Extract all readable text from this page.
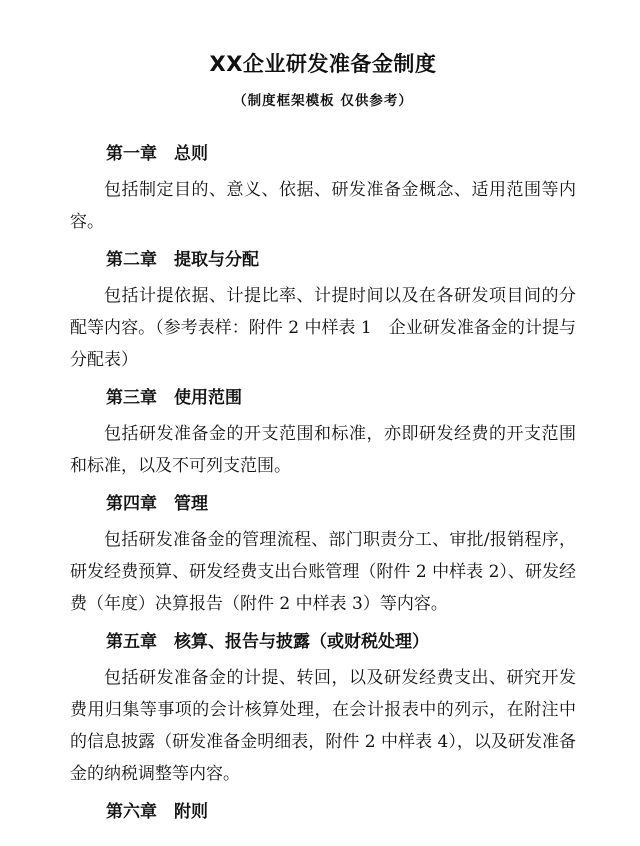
XX企业研发准备金制度

（制度框架模板 仅供参考）

第一章　总则

包括制定目的、意义、依据、研发准备金概念、适用范围等内容。

第二章　提取与分配

包括计提依据、计提比率、计提时间以及在各研发项目间的分配等内容。（参考表样：附件 2 中样表 1　企业研发准备金的计提与分配表）

第三章　使用范围

包括研发准备金的开支范围和标准，亦即研发经费的开支范围和标准，以及不可列支范围。

第四章　管理

包括研发准备金的管理流程、部门职责分工、审批/报销程序，研发经费预算、研发经费支出台账管理（附件 2 中样表 2）、研发经费（年度）决算报告（附件 2 中样表 3）等内容。

第五章　核算、报告与披露（或财税处理）

包括研发准备金的计提、转回，以及研发经费支出、研究开发费用归集等事项的会计核算处理，在会计报表中的列示，在附注中的信息披露（研发准备金明细表，附件 2 中样表 4），以及研发准备金的纳税调整等内容。

第六章　附则
